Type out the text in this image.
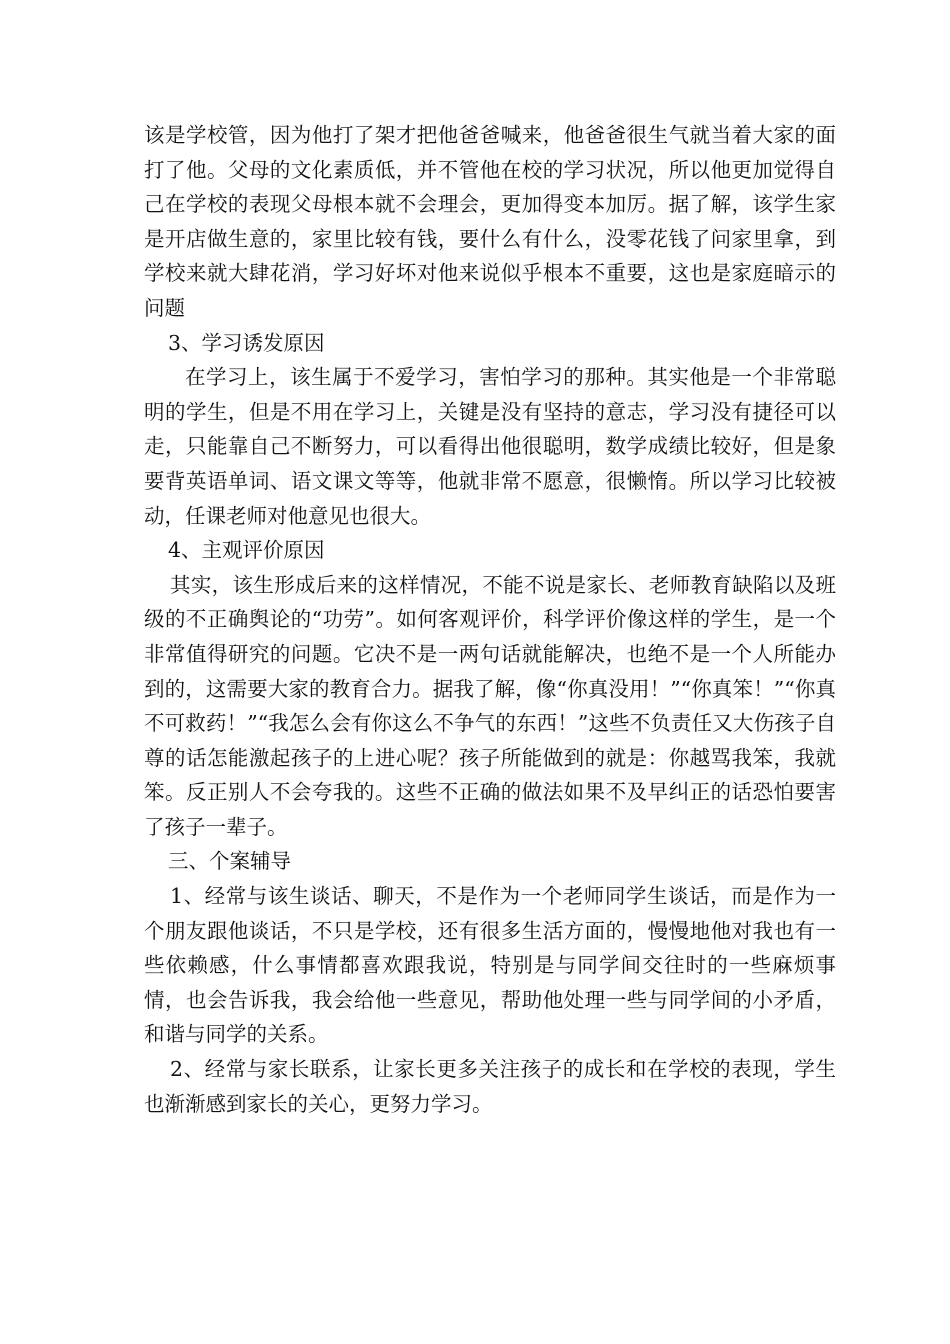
该是学校管，因为他打了架才把他爸爸喊来，他爸爸很生气就当着大家的面打了他。父母的文化素质低，并不管他在校的学习状况，所以他更加觉得自己在学校的表现父母根本就不会理会，更加得变本加厉。据了解，该学生家是开店做生意的，家里比较有钱，要什么有什么，没零花钱了问家里拿，到学校来就大肆花消，学习好坏对他来说似乎根本不重要，这也是家庭暗示的问题

3、学习诱发原因

在学习上，该生属于不爱学习，害怕学习的那种。其实他是一个非常聪明的学生，但是不用在学习上，关键是没有坚持的意志，学习没有捷径可以走，只能靠自己不断努力，可以看得出他很聪明，数学成绩比较好，但是象要背英语单词、语文课文等等，他就非常不愿意，很懒惰。所以学习比较被动，任课老师对他意见也很大。

4、主观评价原因

其实，该生形成后来的这样情况，不能不说是家长、老师教育缺陷以及班级的不正确舆论的“功劳”。如何客观评价，科学评价像这样的学生，是一个非常值得研究的问题。它决不是一两句话就能解决，也绝不是一个人所能办到的，这需要大家的教育合力。据我了解，像“你真没用！”“你真笨！”“你真不可救药！”“我怎么会有你这么不争气的东西！”这些不负责任又大伤孩子自尊的话怎能激起孩子的上进心呢？孩子所能做到的就是：你越骂我笨，我就笨。反正别人不会夸我的。这些不正确的做法如果不及早纠正的话恐怕要害了孩子一辈子。

三、个案辅导

1、经常与该生谈话、聊天，不是作为一个老师同学生谈话，而是作为一个朋友跟他谈话，不只是学校，还有很多生活方面的，慢慢地他对我也有一些依赖感，什么事情都喜欢跟我说，特别是与同学间交往时的一些麻烦事情，也会告诉我，我会给他一些意见，帮助他处理一些与同学间的小矛盾，和谐与同学的关系。

2、经常与家长联系，让家长更多关注孩子的成长和在学校的表现，学生也渐渐感到家长的关心，更努力学习。
